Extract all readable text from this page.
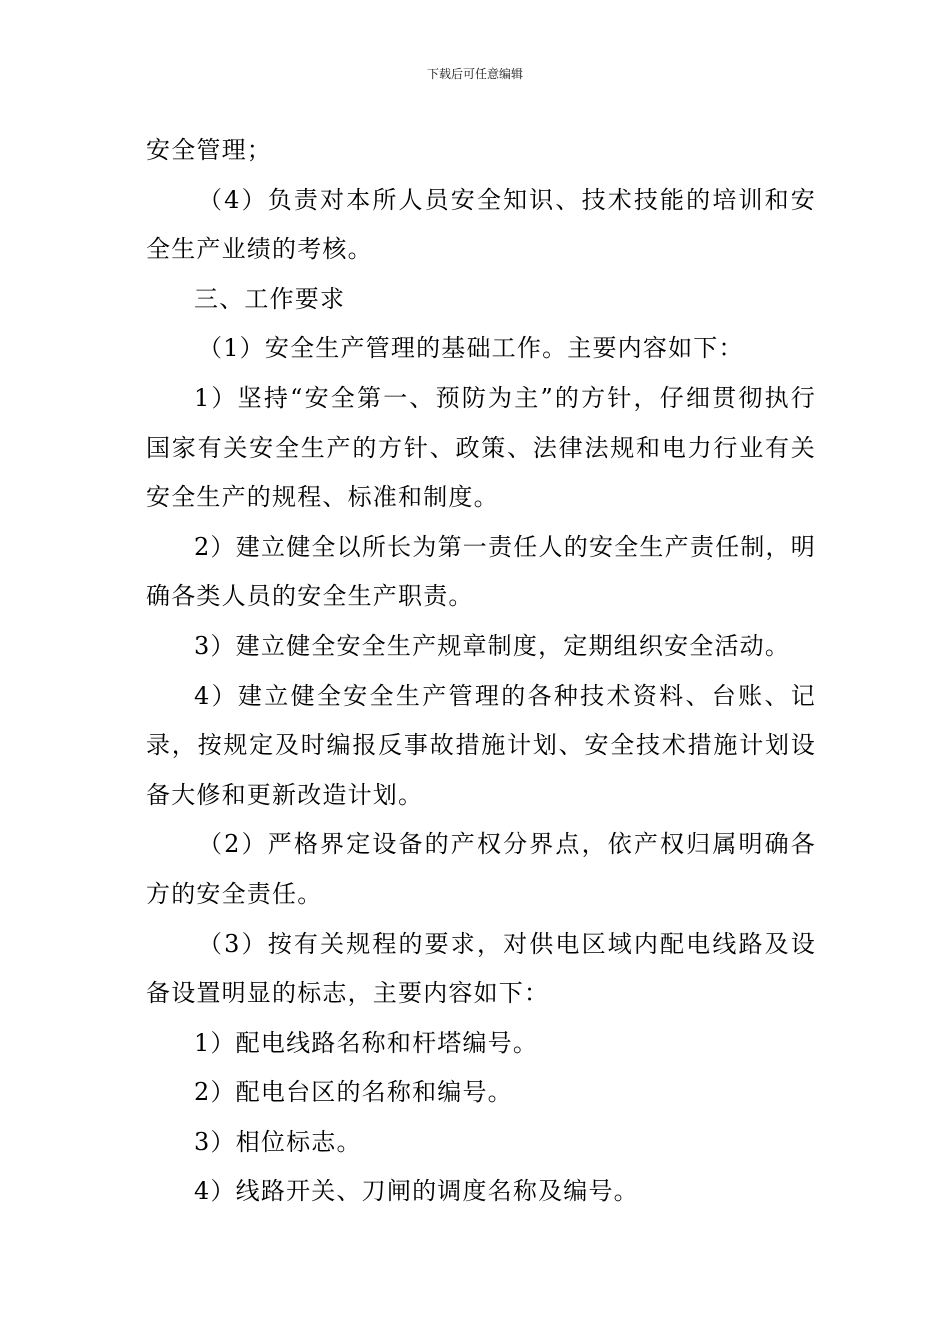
下载后可任意编辑

安全管理；

（4）负责对本所人员安全知识、技术技能的培训和安全生产业绩的考核。

三、工作要求

（1）安全生产管理的基础工作。主要内容如下：

1）坚持“安全第一、预防为主”的方针，仔细贯彻执行国家有关安全生产的方针、政策、法律法规和电力行业有关安全生产的规程、标准和制度。

2）建立健全以所长为第一责任人的安全生产责任制，明确各类人员的安全生产职责。

3）建立健全安全生产规章制度，定期组织安全活动。

4）建立健全安全生产管理的各种技术资料、台账、记录，按规定及时编报反事故措施计划、安全技术措施计划设备大修和更新改造计划。

（2）严格界定设备的产权分界点，依产权归属明确各方的安全责任。

（3）按有关规程的要求，对供电区域内配电线路及设备设置明显的标志，主要内容如下：

1）配电线路名称和杆塔编号。

2）配电台区的名称和编号。

3）相位标志。

4）线路开关、刀闸的调度名称及编号。
